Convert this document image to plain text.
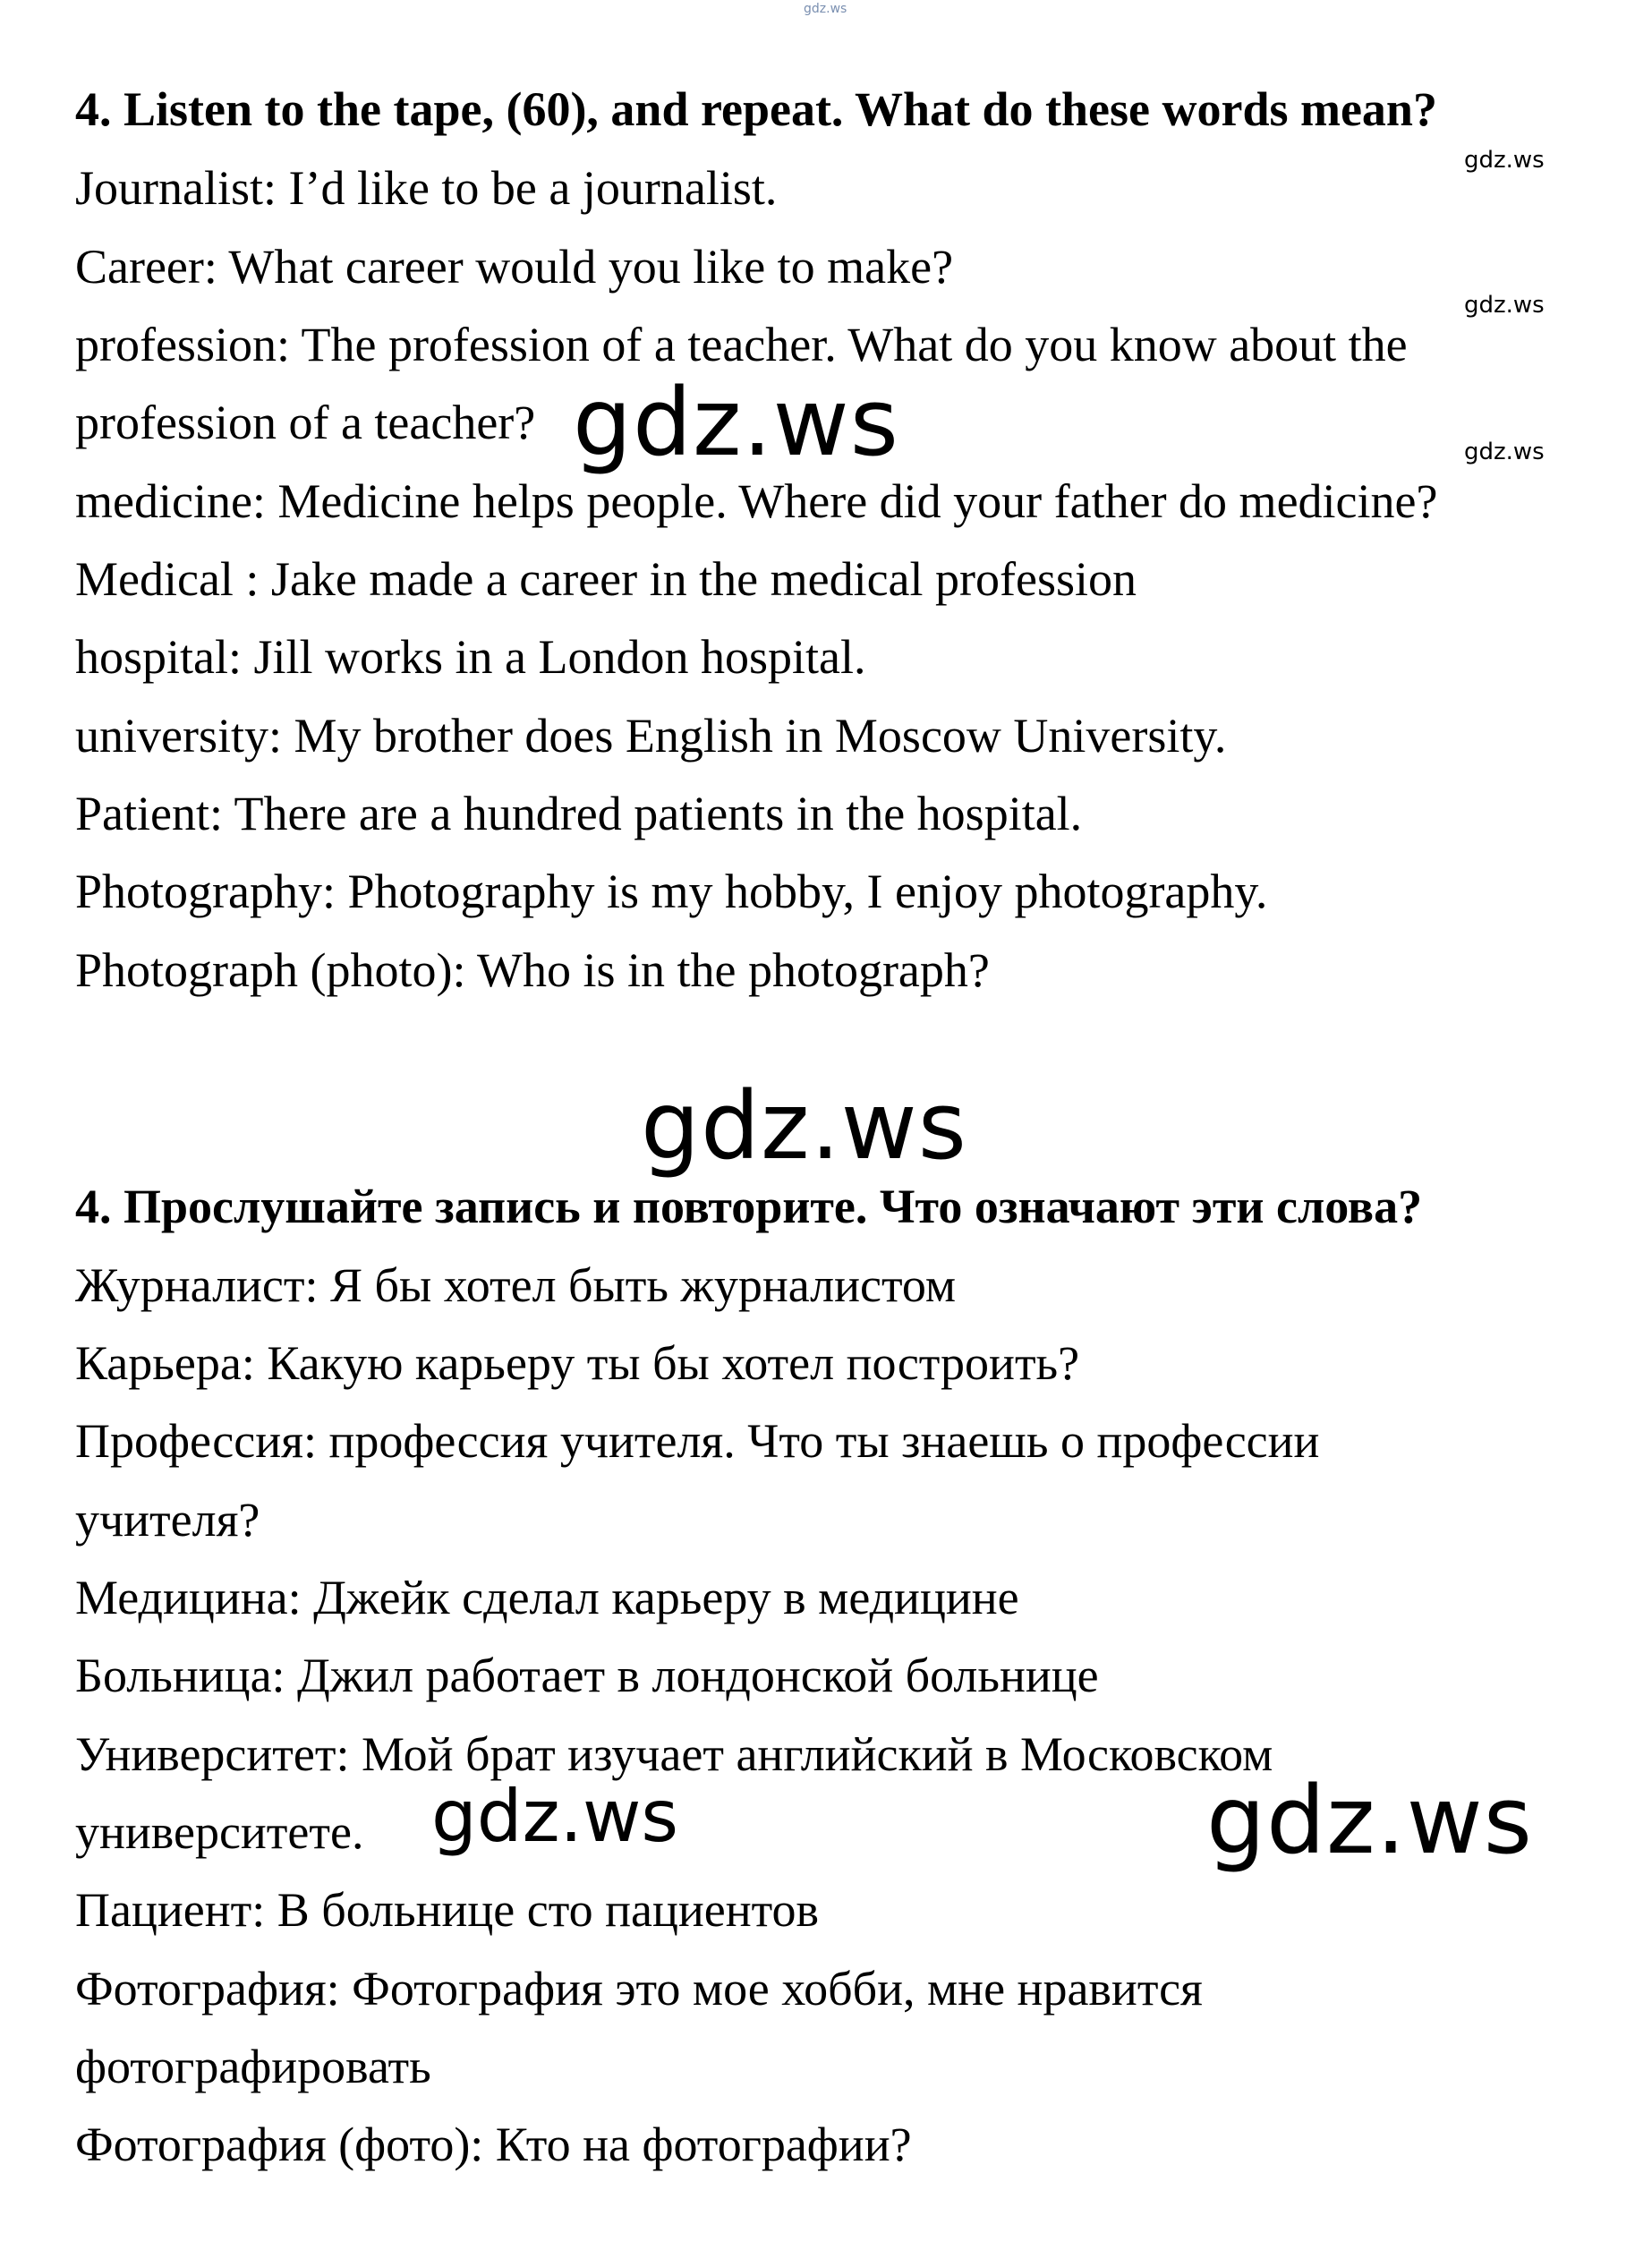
gdz.ws

4. Listen to the tape, (60), and repeat. What do these words mean?

Journalist: I’d like to be a journalist.

Career: What career would you like to make?

profession: The profession of a teacher. What do you know about the

profession of a teacher?

medicine: Medicine helps people. Where did your father do medicine?

Medical : Jake made a career in the medical profession

hospital: Jill works in a London hospital.

university: My brother does English in Moscow University.

Patient: There are a hundred patients in the hospital.

Photography: Photography is my hobby, I enjoy photography.

Photograph (photo): Who is in the photograph?

gdz.ws
gdz.ws
gdz.ws
gdz.ws
gdz.ws

4. Прослушайте запись и повторите. Что означают эти слова?

Журналист: Я бы хотел быть журналистом

Карьера: Какую карьеру ты бы хотел построить?

Профессия: профессия учителя. Что ты знаешь о профессии

учителя?

Медицина: Джейк сделал карьеру в медицине

Больница: Джил работает в лондонской больнице

Университет: Мой брат изучает английский в Московском

университете.

Пациент: В больнице сто пациентов

Фотография: Фотография это мое хобби, мне нравится

фотографировать

Фотография (фото): Кто на фотографии?

gdz.ws	gdz.ws
